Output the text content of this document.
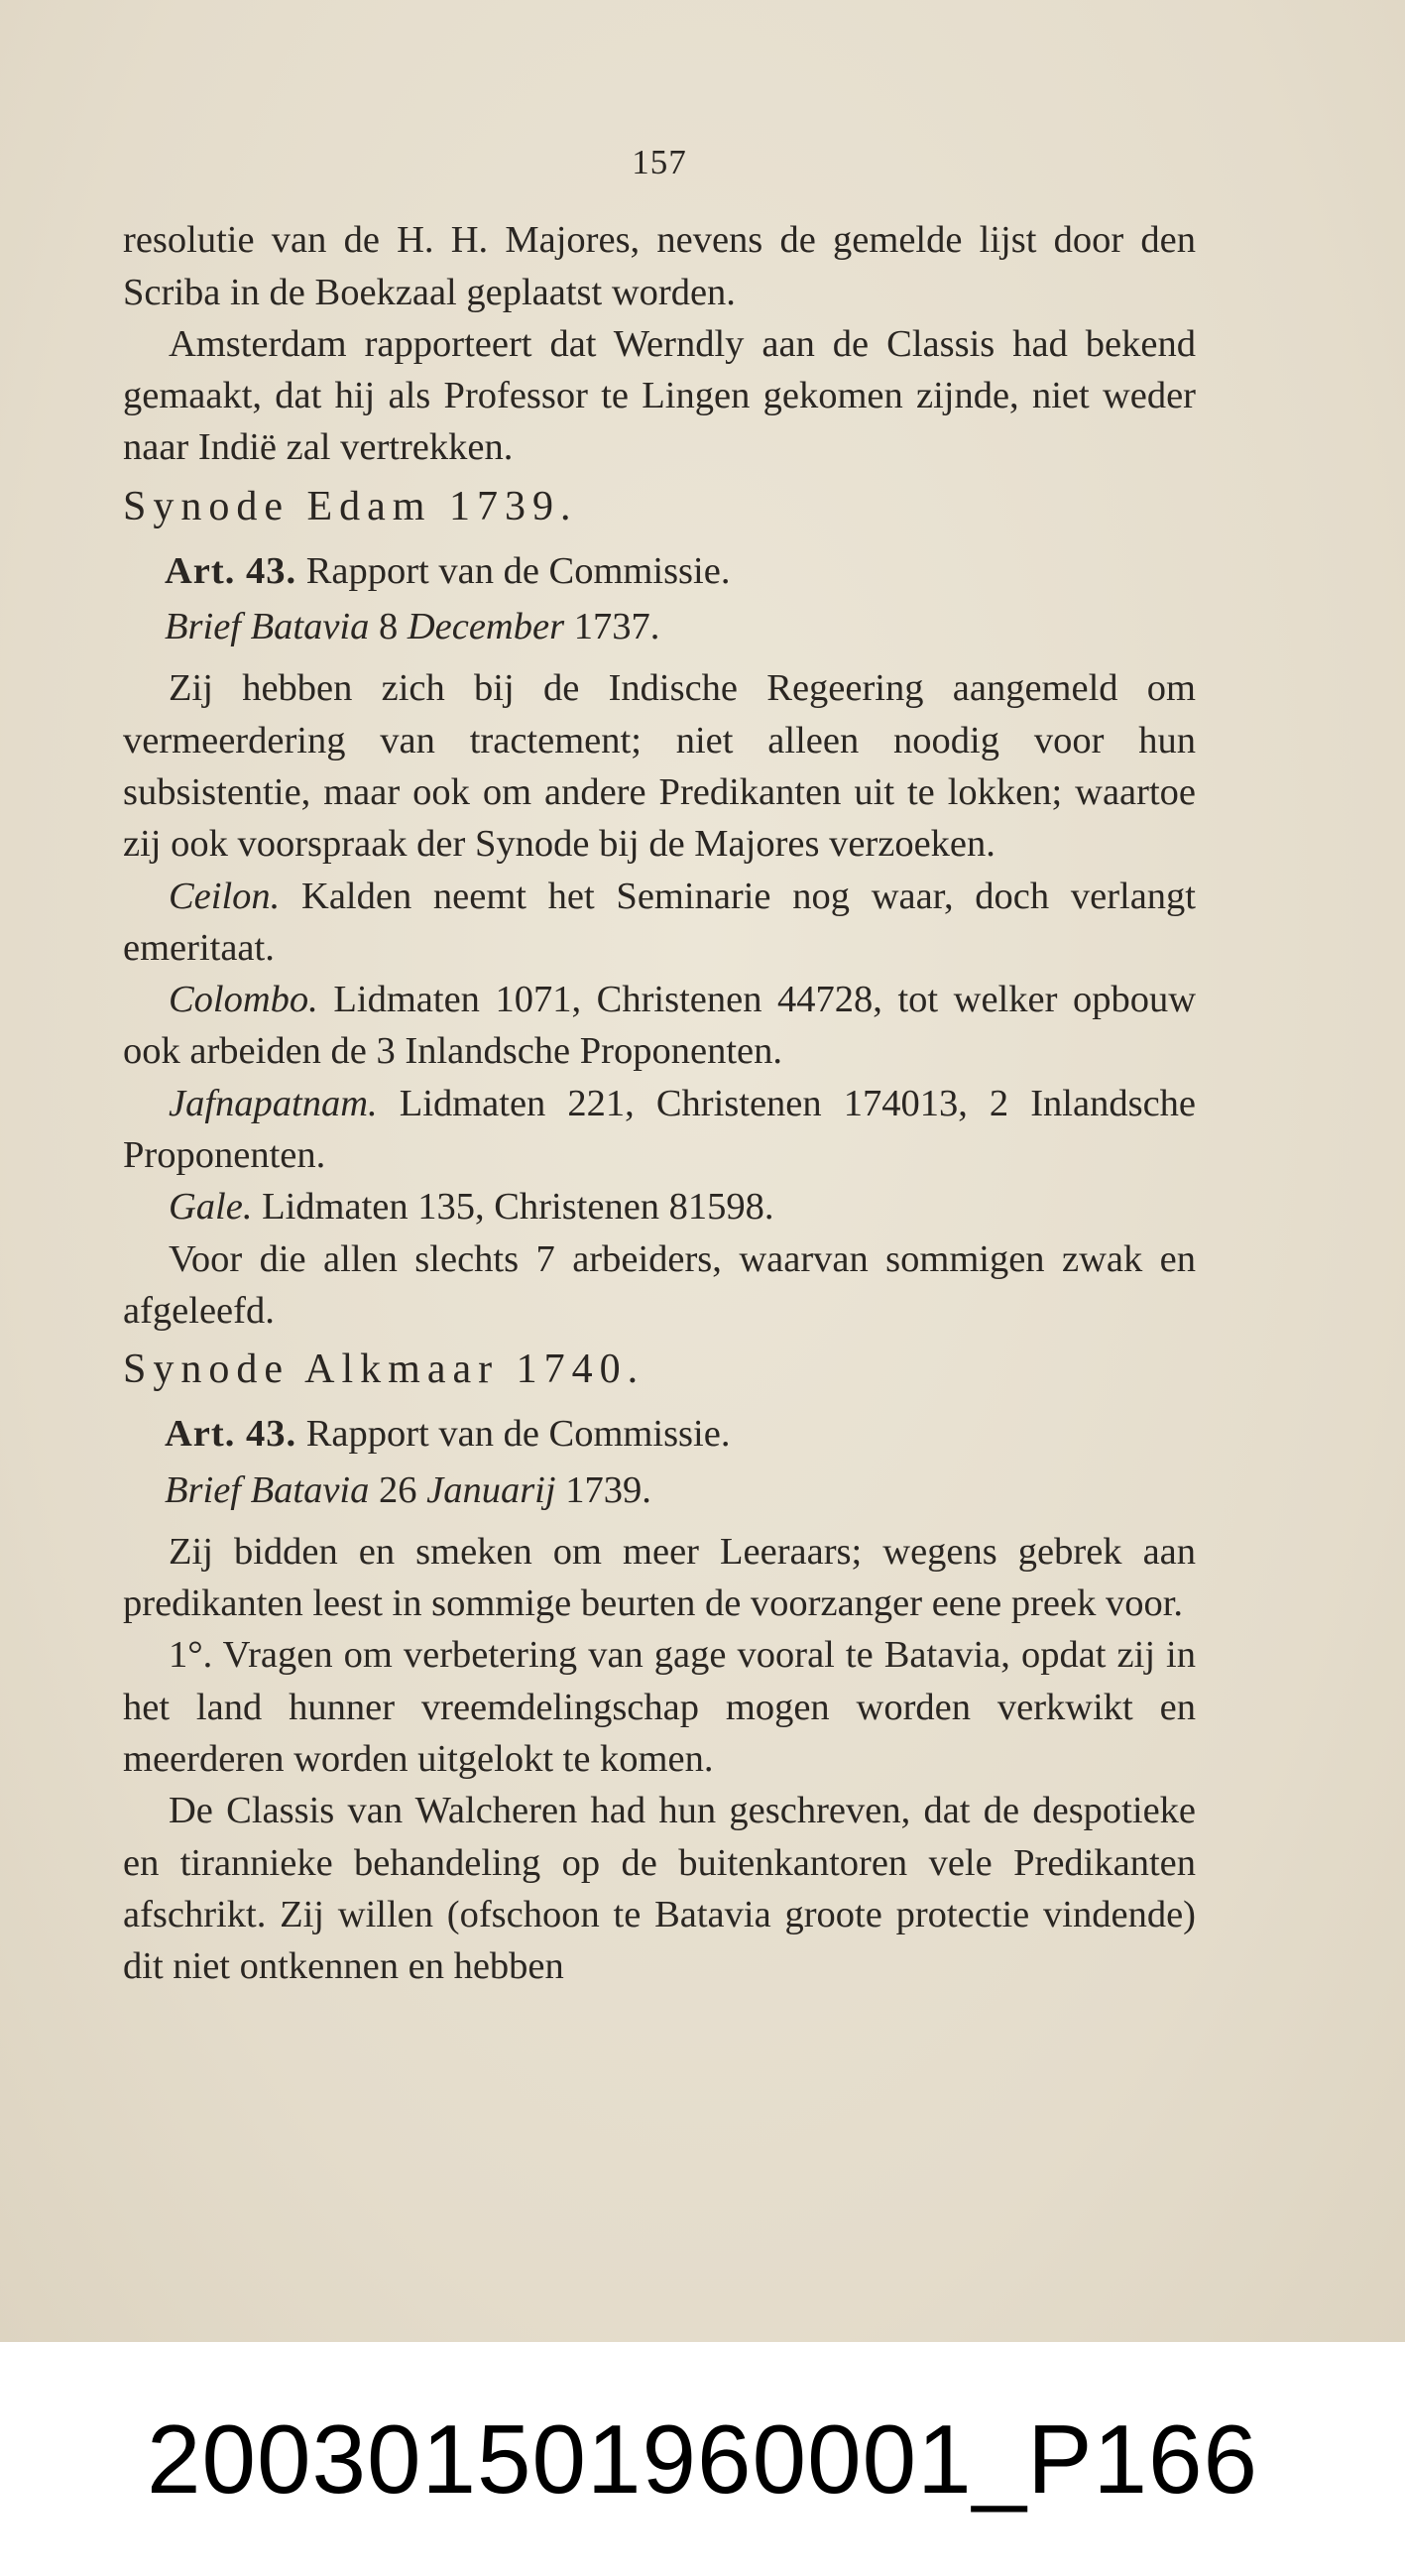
157

resolutie van de H. H. Majores, nevens de gemelde lijst door den Scriba in de Boekzaal geplaatst worden.

Amsterdam rapporteert dat Werndly aan de Classis had bekend gemaakt, dat hij als Professor te Lingen gekomen zijnde, niet weder naar Indië zal vertrekken.

Synode Edam 1739.

Art. 43. Rapport van de Commissie.

Brief Batavia 8 December 1737.

Zij hebben zich bij de Indische Regeering aangemeld om vermeerdering van tractement; niet alleen noodig voor hun subsistentie, maar ook om andere Predikanten uit te lokken; waartoe zij ook voorspraak der Synode bij de Majores verzoeken.

Ceilon. Kalden neemt het Seminarie nog waar, doch verlangt emeritaat.

Colombo. Lidmaten 1071, Christenen 44728, tot welker opbouw ook arbeiden de 3 Inlandsche Proponenten.

Jafnapatnam. Lidmaten 221, Christenen 174013, 2 Inlandsche Proponenten.

Gale. Lidmaten 135, Christenen 81598.

Voor die allen slechts 7 arbeiders, waarvan sommigen zwak en afgeleefd.

Synode Alkmaar 1740.

Art. 43. Rapport van de Commissie.

Brief Batavia 26 Januarij 1739.

Zij bidden en smeken om meer Leeraars; wegens gebrek aan predikanten leest in sommige beurten de voorzanger eene preek voor.

1°. Vragen om verbetering van gage vooral te Batavia, opdat zij in het land hunner vreemdelingschap mogen worden verkwikt en meerderen worden uitgelokt te komen.

De Classis van Walcheren had hun geschreven, dat de despotieke en tirannieke behandeling op de buitenkantoren vele Predikanten afschrikt. Zij willen (ofschoon te Batavia groote protectie vindende) dit niet ontkennen en hebben

200301501960001_P166
